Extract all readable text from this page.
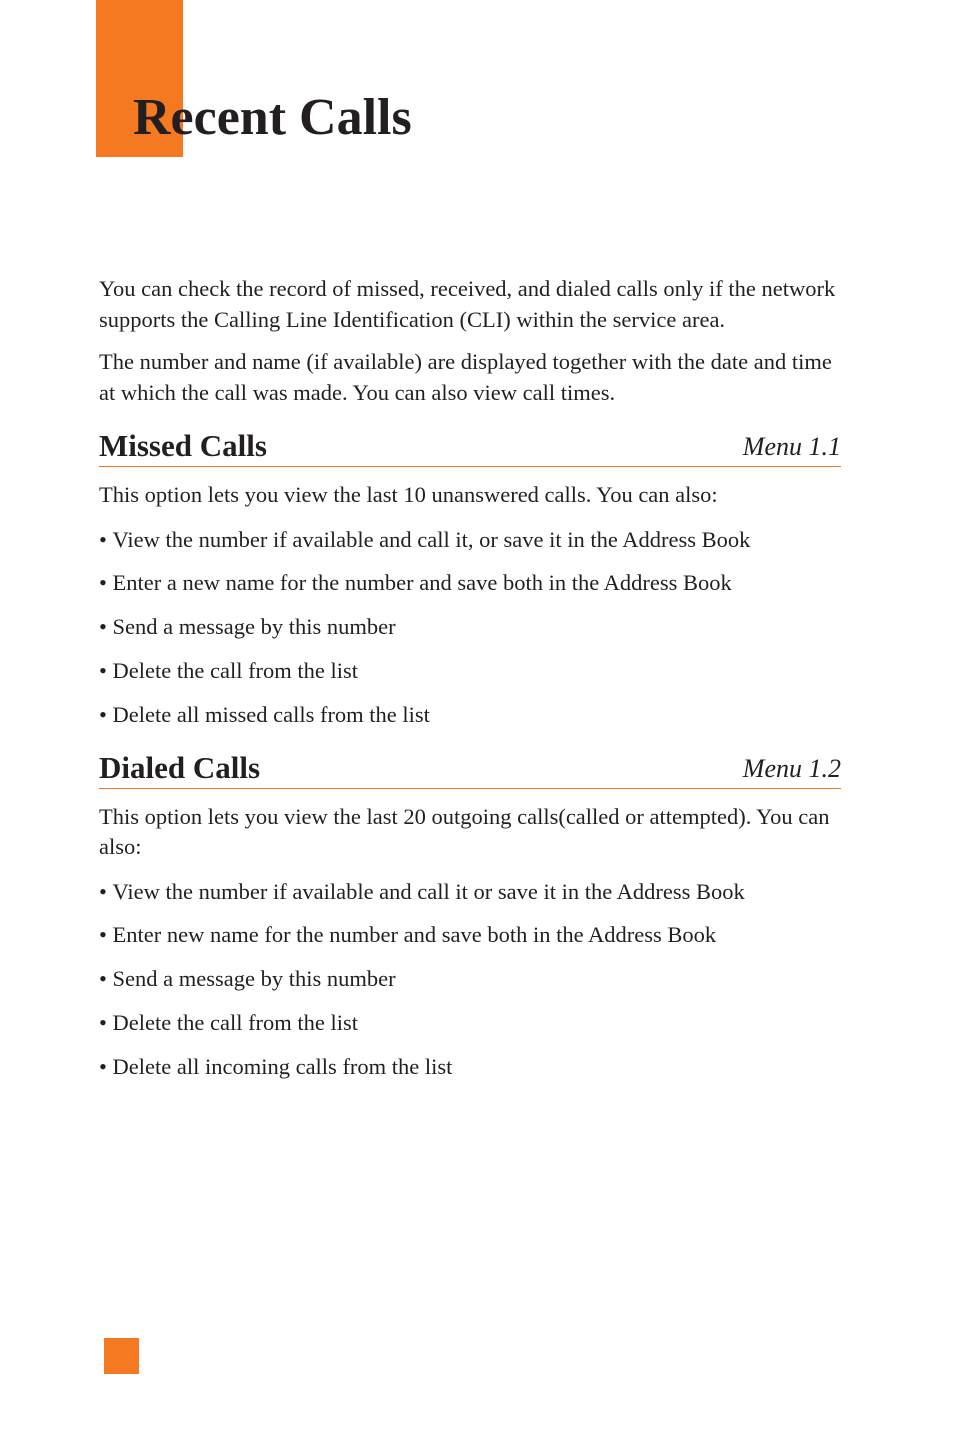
Recent Calls

You can check the record of missed, received, and dialed calls only if the network supports the Calling Line Identification (CLI) within the service area.

The number and name (if available) are displayed together with the date and time at which the call was made. You can also view call times.

Missed Calls	Menu 1.1

This option lets you view the last 10 unanswered calls. You can also:

• View the number if available and call it, or save it in the Address Book
• Enter a new name for the number and save both in the Address Book
• Send a message by this number
• Delete the call from the list
• Delete all missed calls from the list
Dialed Calls	Menu 1.2

This option lets you view the last 20 outgoing calls(called or attempted). You can also:

• View the number if available and call it or save it in the Address Book
• Enter new name for the number and save both in the Address Book
• Send a message by this number
• Delete the call from the list
• Delete all incoming calls from the list
